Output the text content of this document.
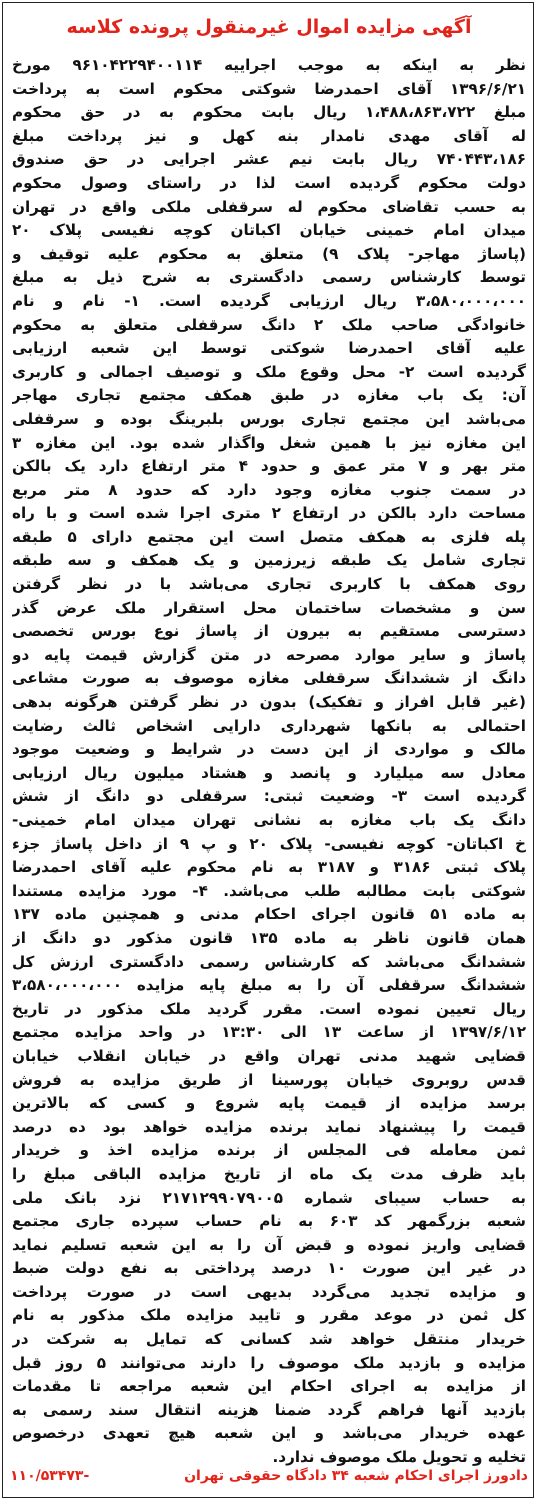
آگهی مزایده اموال غیرمنقول پرونده کلاسه
نظر به اینکه به موجب اجراییه ۹۶۱۰۴۲۲۹۴۰۰۱۱۴ مورخ
۱۳۹۶/۶/۲۱ آقای احمدرضا شوکتی محکوم است به پرداخت
مبلغ ۱،۴۸۸،۸۶۳،۷۲۲ ریال بابت محکوم به در حق محکوم
له آقای مهدی نامدار بنه کهل و نیز پرداخت مبلغ
۷۴۰۴۴۳،۱۸۶ ریال بابت نیم عشر اجرایی در حق صندوق
دولت محکوم گردیده است لذا در راستای وصول محکوم
به حسب تقاضای محکوم له سرقفلی ملکی واقع در تهران
میدان امام خمینی خیابان اکباتان کوچه نفیسی پلاک ۲۰
(پاساژ مهاجر- پلاک ۹) متعلق به محکوم علیه توقیف و
توسط کارشناس رسمی دادگستری به شرح ذیل به مبلغ
۳،۵۸۰،۰۰۰،۰۰۰ ریال ارزیابی گردیده است. ۱- نام و نام
خانوادگی صاحب ملک ۲ دانگ سرقفلی متعلق به محکوم
علیه آقای احمدرضا شوکتی توسط این شعبه ارزیابی
گردیده است ۲- محل وقوع ملک و توصیف اجمالی و کاربری
آن: یک باب مغازه در طبق همکف مجتمع تجاری مهاجر
می‌باشد این مجتمع تجاری بورس بلبرینگ بوده و سرقفلی
این مغازه نیز با همین شغل واگذار شده بود. این مغازه ۳
متر بهر و ۷ متر عمق و حدود ۴ متر ارتفاع دارد یک بالکن
در سمت جنوب مغازه وجود دارد که حدود ۸ متر مربع
مساحت دارد بالکن در ارتفاع ۲ متری اجرا شده است و با راه
پله فلزی به همکف متصل است این مجتمع دارای ۵ طبقه
تجاری شامل یک طبقه زیرزمین و یک همکف و سه طبقه
روی همکف با کاربری تجاری می‌باشد با در نظر گرفتن
سن و مشخصات ساختمان محل استقرار ملک عرض گذر
دسترسی مستقیم به بیرون از پاساژ نوع بورس تخصصی
پاساژ و سایر موارد مصرحه در متن گزارش قیمت پایه دو
دانگ از ششدانگ سرقفلی مغازه موصوف به صورت مشاعی
(غیر قابل افراز و تفکیک) بدون در نظر گرفتن هرگونه بدهی
احتمالی به بانکها شهرداری دارایی اشخاص ثالث رضایت
مالک و مواردی از این دست در شرایط و وضعیت موجود
معادل سه میلیارد و پانصد و هشتاد میلیون ریال ارزیابی
گردیده است ۳- وضعیت ثبتی: سرقفلی دو دانگ از شش
دانگ یک باب مغازه به نشانی تهران میدان امام خمینی-
خ اکباتان- کوچه نفیسی- پلاک ۲۰ و پ ۹ از داخل پاساژ جزء
پلاک ثبتی ۳۱۸۶ و ۳۱۸۷ به نام محکوم علیه آقای احمدرضا
شوکتی بابت مطالبه طلب می‌باشد. ۴- مورد مزایده مستندا
به ماده ۵۱ قانون اجرای احکام مدنی و همچنین ماده ۱۳۷
همان قانون ناظر به ماده ۱۳۵ قانون مذکور دو دانگ از
ششدانگ می‌باشد که کارشناس رسمی دادگستری ارزش کل
ششدانگ سرقفلی آن را به مبلغ پایه مزایده ۳،۵۸۰،۰۰۰،۰۰۰
ریال تعیین نموده است. مقرر گردید ملک مذکور در تاریخ
۱۳۹۷/۶/۱۲ از ساعت ۱۳ الی ۱۳:۳۰ در واحد مزایده مجتمع
قضایی شهید مدنی تهران واقع در خیابان انقلاب خیابان
قدس روبروی خیابان پورسینا از طریق مزایده به فروش
برسد مزایده از قیمت پایه شروع و کسی که بالاترین
قیمت را پیشنهاد نماید برنده مزایده خواهد بود ده درصد
ثمن معامله فی المجلس از برنده مزایده اخذ و خریدار
باید ظرف مدت یک ماه از تاریخ مزایده الباقی مبلغ را
به حساب سیبای شماره ۲۱۷۱۲۹۹۰۷۹۰۰۵ نزد بانک ملی
شعبه بزرگمهر کد ۶۰۳ به نام حساب سپرده جاری مجتمع
قضایی واریز نموده و قبض آن را به این شعبه تسلیم نماید
در غیر این صورت ۱۰ درصد پرداختی به نفع دولت ضبط
و مزایده تجدید می‌گردد بدیهی است در صورت پرداخت
کل ثمن در موعد مقرر و تایید مزایده ملک مذکور به نام
خریدار منتقل خواهد شد کسانی که تمایل به شرکت در
مزایده و بازدید ملک موصوف را دارند می‌توانند ۵ روز قبل
از مزایده به اجرای احکام این شعبه مراجعه تا مقدمات
بازدید آنها فراهم گردد ضمنا هزینه انتقال سند رسمی به
عهده خریدار می‌باشد و این شعبه هیچ تعهدی درخصوص
تخلیه و تحویل ملک موصوف ندارد.
دادورز اجرای احکام شعبه ۳۴ دادگاه حقوقی تهران
۱۱۰/۵۳۴۷۳-
